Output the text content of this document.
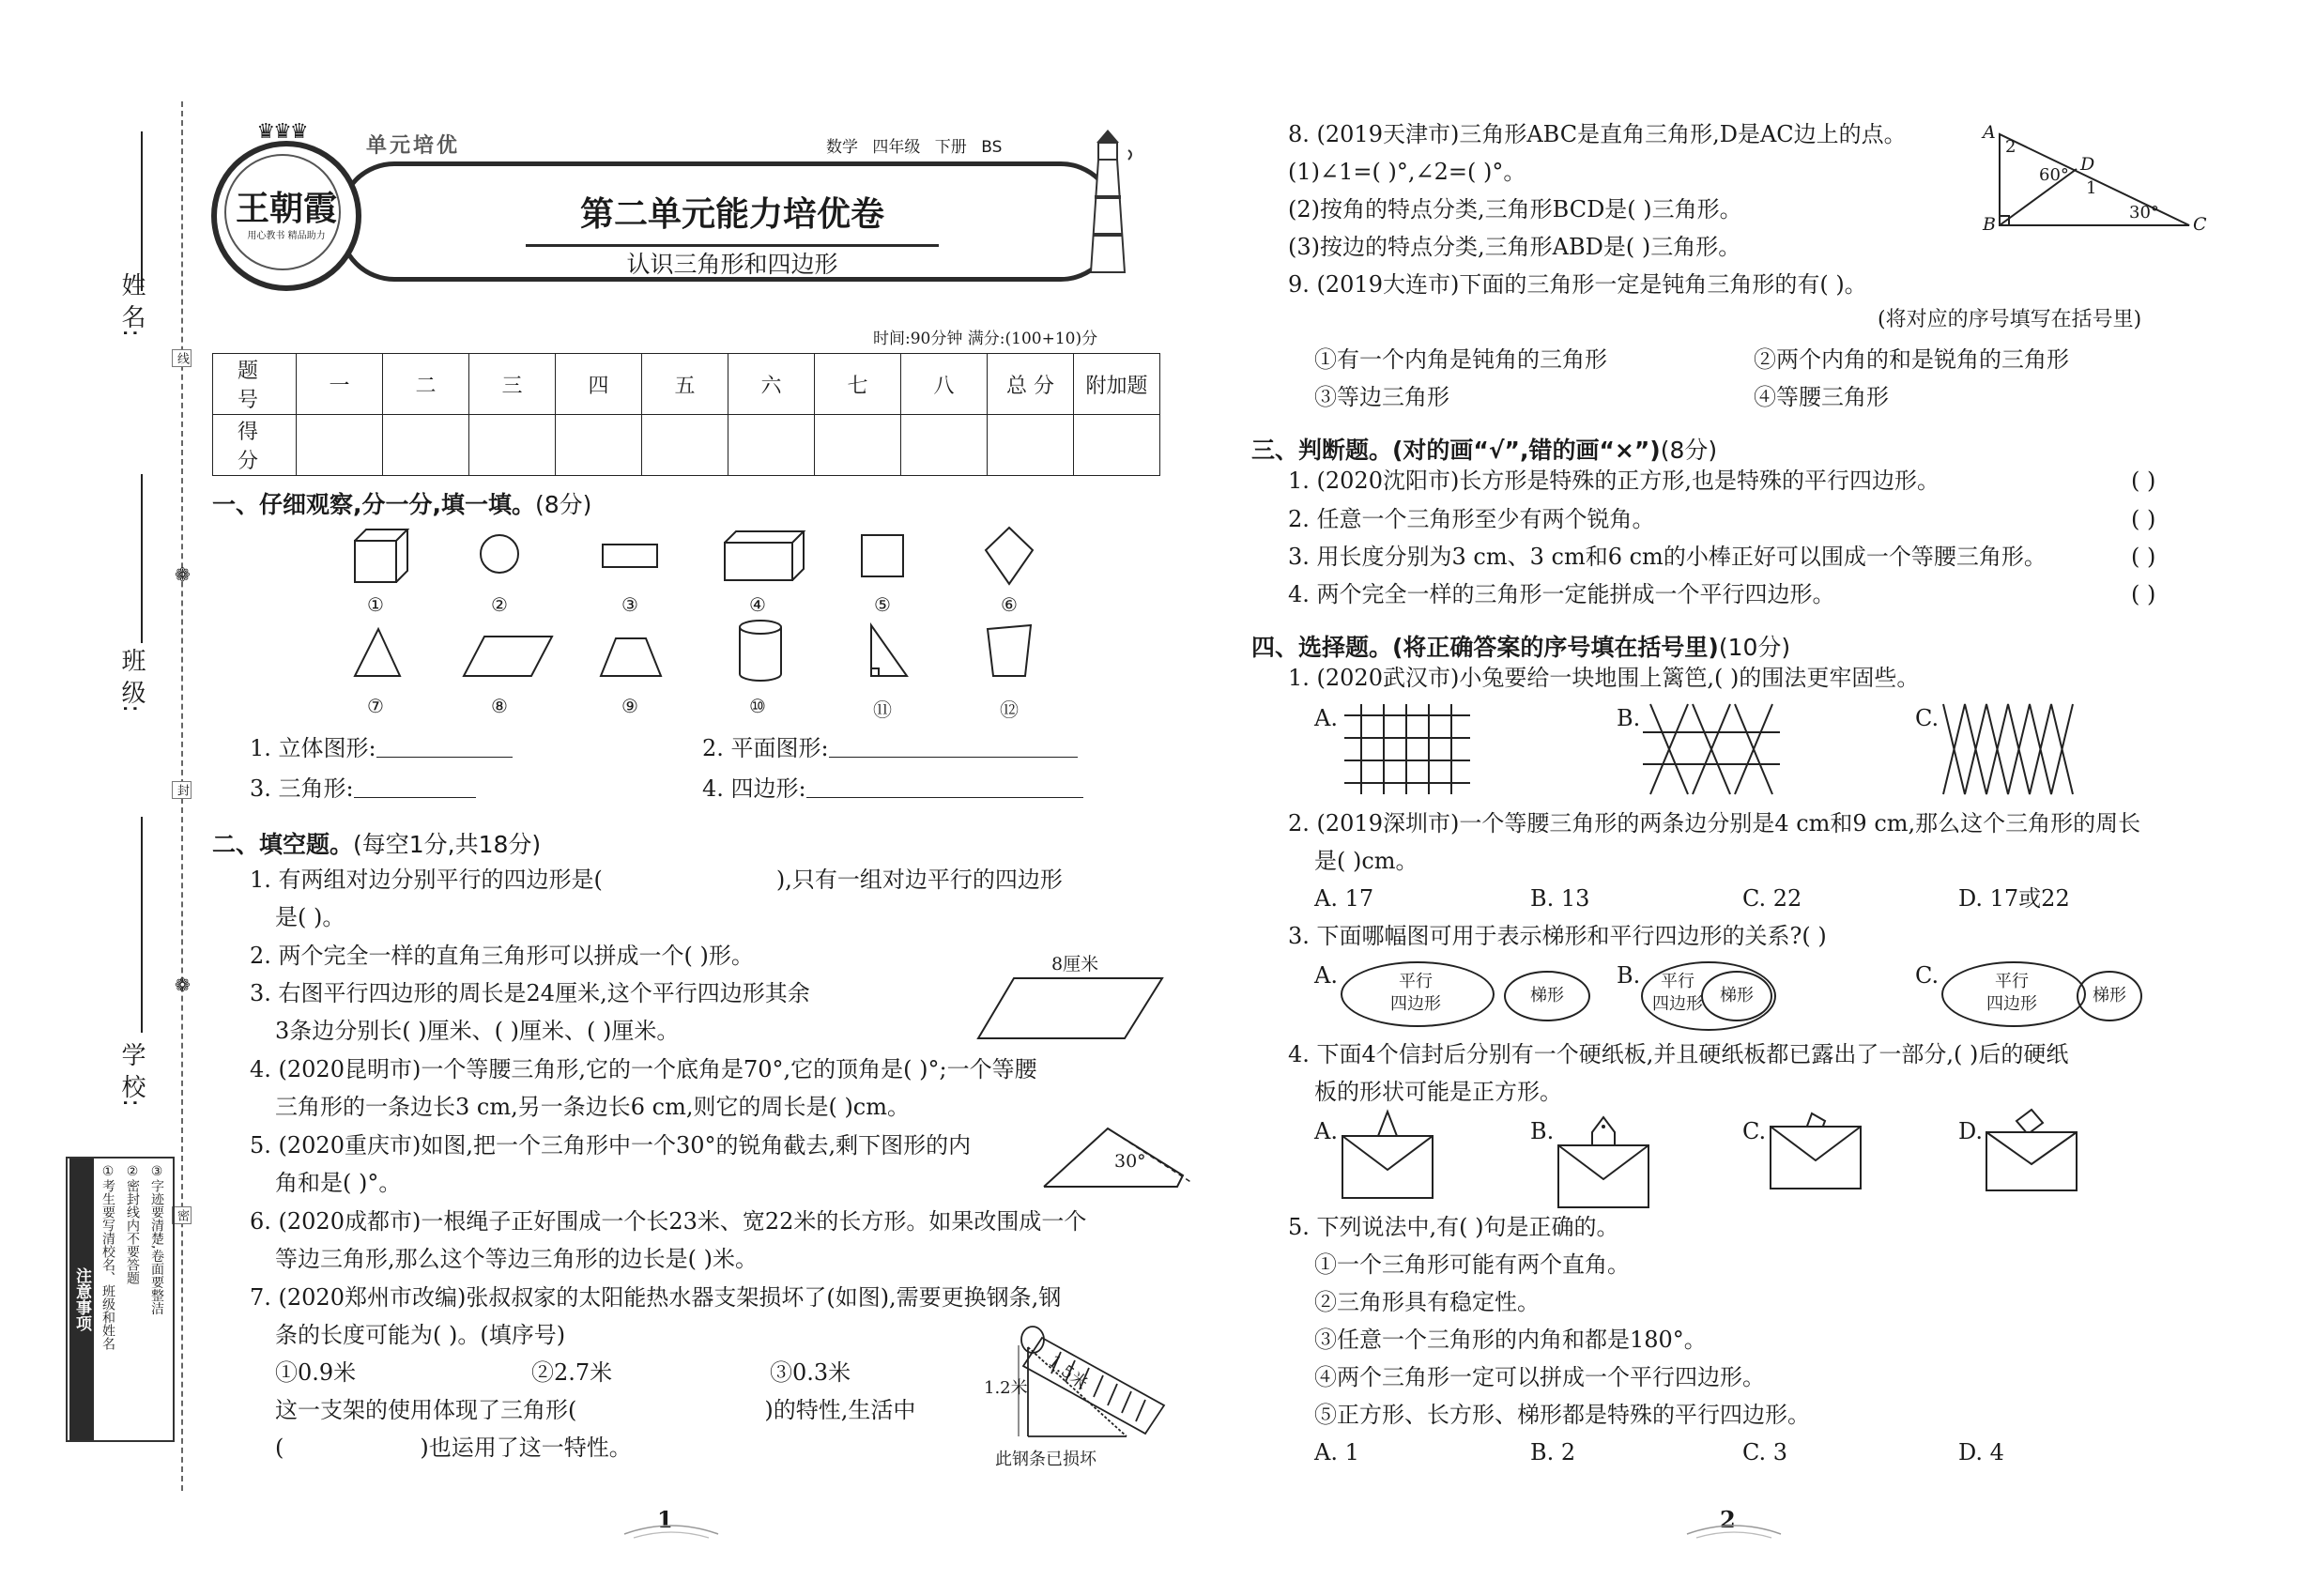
姓 名:
班 级:
学 校:
线
封
密
❁
❁
注意事项 ①考生要写清校名、班级和姓名 ②密封线内不要答题 ③字迹要清楚,卷面要整洁
王朝霞
用心教书 精品助力
♛♛♛
单元培优	数学 四年级 下册 BS
第二单元能力培优卷
认识三角形和四边形
时间:90分钟 满分:(100+10)分
题 号	一	二	三	四	五	六	七	八	总 分	附加题
得 分										
一、仔细观察,分一分,填一填。(8分)
①	②	③	④	⑤	⑥
⑦	⑧	⑨	⑩	⑪	⑫
1. 立体图形:	2. 平面图形:
3. 三角形:	4. 四边形:
二、填空题。(每空1分,共18分)
1. 有两组对边分别平行的四边形是(	),只有一组对边平行的四边形
是( )。
2. 两个完全一样的直角三角形可以拼成一个( )形。
3. 右图平行四边形的周长是24厘米,这个平行四边形其余
3条边分别长( )厘米、( )厘米、( )厘米。
8厘米
4. (2020昆明市)一个等腰三角形,它的一个底角是70°,它的顶角是( )°;一个等腰
三角形的一条边长3 cm,另一条边长6 cm,则它的周长是( )cm。
5. (2020重庆市)如图,把一个三角形中一个30°的锐角截去,剩下图形的内
角和是( )°。
30°
6. (2020成都市)一根绳子正好围成一个长23米、宽22米的长方形。如果改围成一个
等边三角形,那么这个等边三角形的边长是( )米。
7. (2020郑州市改编)张叔叔家的太阳能热水器支架损坏了(如图),需要更换钢条,钢
条的长度可能为( )。(填序号)
①0.9米	②2.7米	③0.3米
这一支架的使用体现了三角形(	)的特性,生活中
(	)也运用了这一特性。
1.2米 1.5米
此钢条已损坏
1
8. (2019天津市)三角形ABC是直角三角形,D是AC边上的点。
(1)∠1=( )°,∠2=( )°。
(2)按角的特点分类,三角形BCD是( )三角形。
(3)按边的特点分类,三角形ABD是( )三角形。
A
B	C
D
2
1
60°
30°
9. (2019大连市)下面的三角形一定是钝角三角形的有( )。
(将对应的序号填写在括号里)
①有一个内角是钝角的三角形	②两个内角的和是锐角的三角形
③等边三角形	④等腰三角形
三、判断题。(对的画“√”,错的画“×”)(8分)
1. (2020沈阳市)长方形是特殊的正方形,也是特殊的平行四边形。	( )
2. 任意一个三角形至少有两个锐角。	( )
3. 用长度分别为3 cm、3 cm和6 cm的小棒正好可以围成一个等腰三角形。	( )
4. 两个完全一样的三角形一定能拼成一个平行四边形。	( )
四、选择题。(将正确答案的序号填在括号里)(10分)
1. (2020武汉市)小兔要给一块地围上篱笆,( )的围法更牢固些。
A.	B.	C.
2. (2019深圳市)一个等腰三角形的两条边分别是4 cm和9 cm,那么这个三角形的周长
是( )cm。
A. 17	B. 13	C. 22	D. 17或22
3. 下面哪幅图可用于表示梯形和平行四边形的关系?( )
A.	平行
四边形	梯形
B.	平行
四边形	梯形
C.	平行
四边形	梯形
4. 下面4个信封后分别有一个硬纸板,并且硬纸板都已露出了一部分,( )后的硬纸
板的形状可能是正方形。
A.	B.	C.	D.
5. 下列说法中,有( )句是正确的。
①一个三角形可能有两个直角。
②三角形具有稳定性。
③任意一个三角形的内角和都是180°。
④两个三角形一定可以拼成一个平行四边形。
⑤正方形、长方形、梯形都是特殊的平行四边形。
A. 1	B. 2	C. 3	D. 4
2
